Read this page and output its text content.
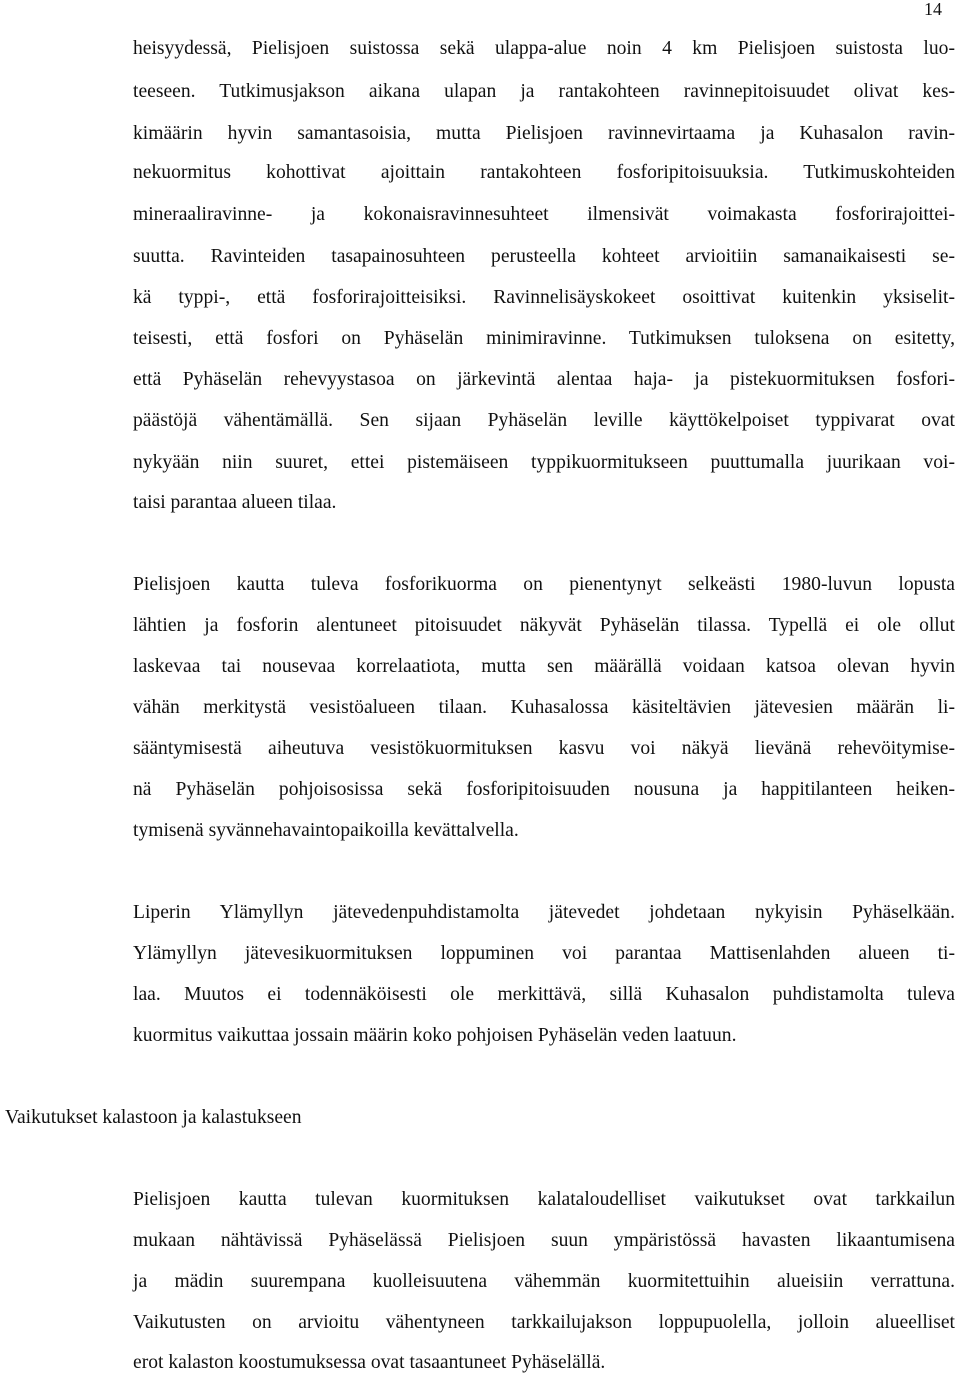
14
heisyydessä, Pielisjoen suistossa sekä ulappa-alue noin 4 km Pielisjoen suistosta luo-
teeseen. Tutkimusjakson aikana ulapan ja rantakohteen ravinnepitoisuudet olivat kes-
kimäärin hyvin samantasoisia, mutta Pielisjoen ravinnevirtaama ja Kuhasalon ravin-
nekuormitus kohottivat ajoittain rantakohteen fosforipitoisuuksia. Tutkimuskohteiden
mineraaliravinne- ja kokonaisravinnesuhteet ilmensivät voimakasta fosforirajoittei-
suutta. Ravinteiden tasapainosuhteen perusteella kohteet arvioitiin samanaikaisesti se-
kä typpi-, että fosforirajoitteisiksi. Ravinnelisäyskokeet osoittivat kuitenkin yksiselit-
teisesti, että fosfori on Pyhäselän minimiravinne. Tutkimuksen tuloksena on esitetty,
että Pyhäselän rehevyystasoa on järkevintä alentaa haja- ja pistekuormituksen fosfori-
päästöjä vähentämällä. Sen sijaan Pyhäselän leville käyttökelpoiset typpivarat ovat
nykyään niin suuret, ettei pistemäiseen typpikuormitukseen puuttumalla juurikaan voi-
taisi parantaa alueen tilaa.
Pielisjoen kautta tuleva fosforikuorma on pienentynyt selkeästi 1980-luvun lopusta
lähtien ja fosforin alentuneet pitoisuudet näkyvät Pyhäselän tilassa. Typellä ei ole ollut
laskevaa tai nousevaa korrelaatiota, mutta sen määrällä voidaan katsoa olevan hyvin
vähän merkitystä vesistöalueen tilaan. Kuhasalossa käsiteltävien jätevesien määrän li-
sääntymisestä aiheutuva vesistökuormituksen kasvu voi näkyä lievänä rehevöitymise-
nä Pyhäselän pohjoisosissa sekä fosforipitoisuuden nousuna ja happitilanteen heiken-
tymisenä syvännehavaintopaikoilla kevättalvella.
Liperin Ylämyllyn jätevedenpuhdistamolta jätevedet johdetaan nykyisin Pyhäselkään.
Ylämyllyn jätevesikuormituksen loppuminen voi parantaa Mattisenlahden alueen ti-
laa. Muutos ei todennäköisesti ole merkittävä, sillä Kuhasalon puhdistamolta tuleva
kuormitus vaikuttaa jossain määrin koko pohjoisen Pyhäselän veden laatuun.
Vaikutukset kalastoon ja kalastukseen
Pielisjoen kautta tulevan kuormituksen kalataloudelliset vaikutukset ovat tarkkailun
mukaan nähtävissä Pyhäselässä Pielisjoen suun ympäristössä havasten likaantumisena
ja mädin suurempana kuolleisuutena vähemmän kuormitettuihin alueisiin verrattuna.
Vaikutusten on arvioitu vähentyneen tarkkailujakson loppupuolella, jolloin alueelliset
erot kalaston koostumuksessa ovat tasaantuneet Pyhäselällä.
